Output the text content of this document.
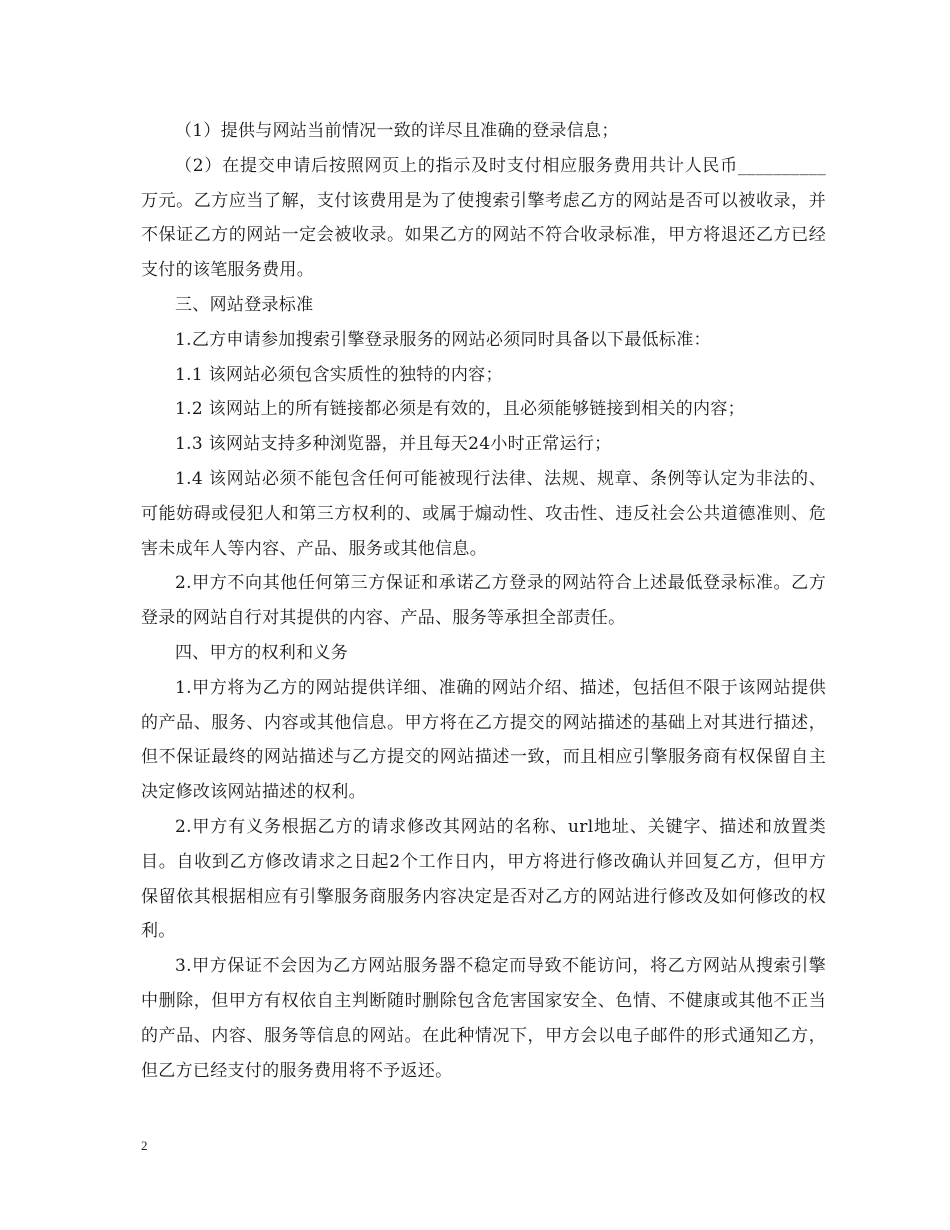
（1）提供与网站当前情况一致的详尽且准确的登录信息；

（2）在提交申请后按照网页上的指示及时支付相应服务费用共计人民币__________万元。乙方应当了解，支付该费用是为了使搜索引擎考虑乙方的网站是否可以被收录，并不保证乙方的网站一定会被收录。如果乙方的网站不符合收录标准，甲方将退还乙方已经支付的该笔服务费用。

三、网站登录标准

1.乙方申请参加搜索引擎登录服务的网站必须同时具备以下最低标准：

1.1 该网站必须包含实质性的独特的内容；

1.2 该网站上的所有链接都必须是有效的，且必须能够链接到相关的内容；

1.3 该网站支持多种浏览器，并且每天24小时正常运行；

1.4 该网站必须不能包含任何可能被现行法律、法规、规章、条例等认定为非法的、可能妨碍或侵犯人和第三方权利的、或属于煽动性、攻击性、违反社会公共道德准则、危害未成年人等内容、产品、服务或其他信息。

2.甲方不向其他任何第三方保证和承诺乙方登录的网站符合上述最低登录标准。乙方登录的网站自行对其提供的内容、产品、服务等承担全部责任。

四、甲方的权利和义务

1.甲方将为乙方的网站提供详细、准确的网站介绍、描述，包括但不限于该网站提供的产品、服务、内容或其他信息。甲方将在乙方提交的网站描述的基础上对其进行描述，但不保证最终的网站描述与乙方提交的网站描述一致，而且相应引擎服务商有权保留自主决定修改该网站描述的权利。

2.甲方有义务根据乙方的请求修改其网站的名称、url地址、关键字、描述和放置类目。自收到乙方修改请求之日起2个工作日内，甲方将进行修改确认并回复乙方，但甲方保留依其根据相应有引擎服务商服务内容决定是否对乙方的网站进行修改及如何修改的权利。

3.甲方保证不会因为乙方网站服务器不稳定而导致不能访问，将乙方网站从搜索引擎中删除，但甲方有权依自主判断随时删除包含危害国家安全、色情、不健康或其他不正当的产品、内容、服务等信息的网站。在此种情况下，甲方会以电子邮件的形式通知乙方，但乙方已经支付的服务费用将不予返还。

2
